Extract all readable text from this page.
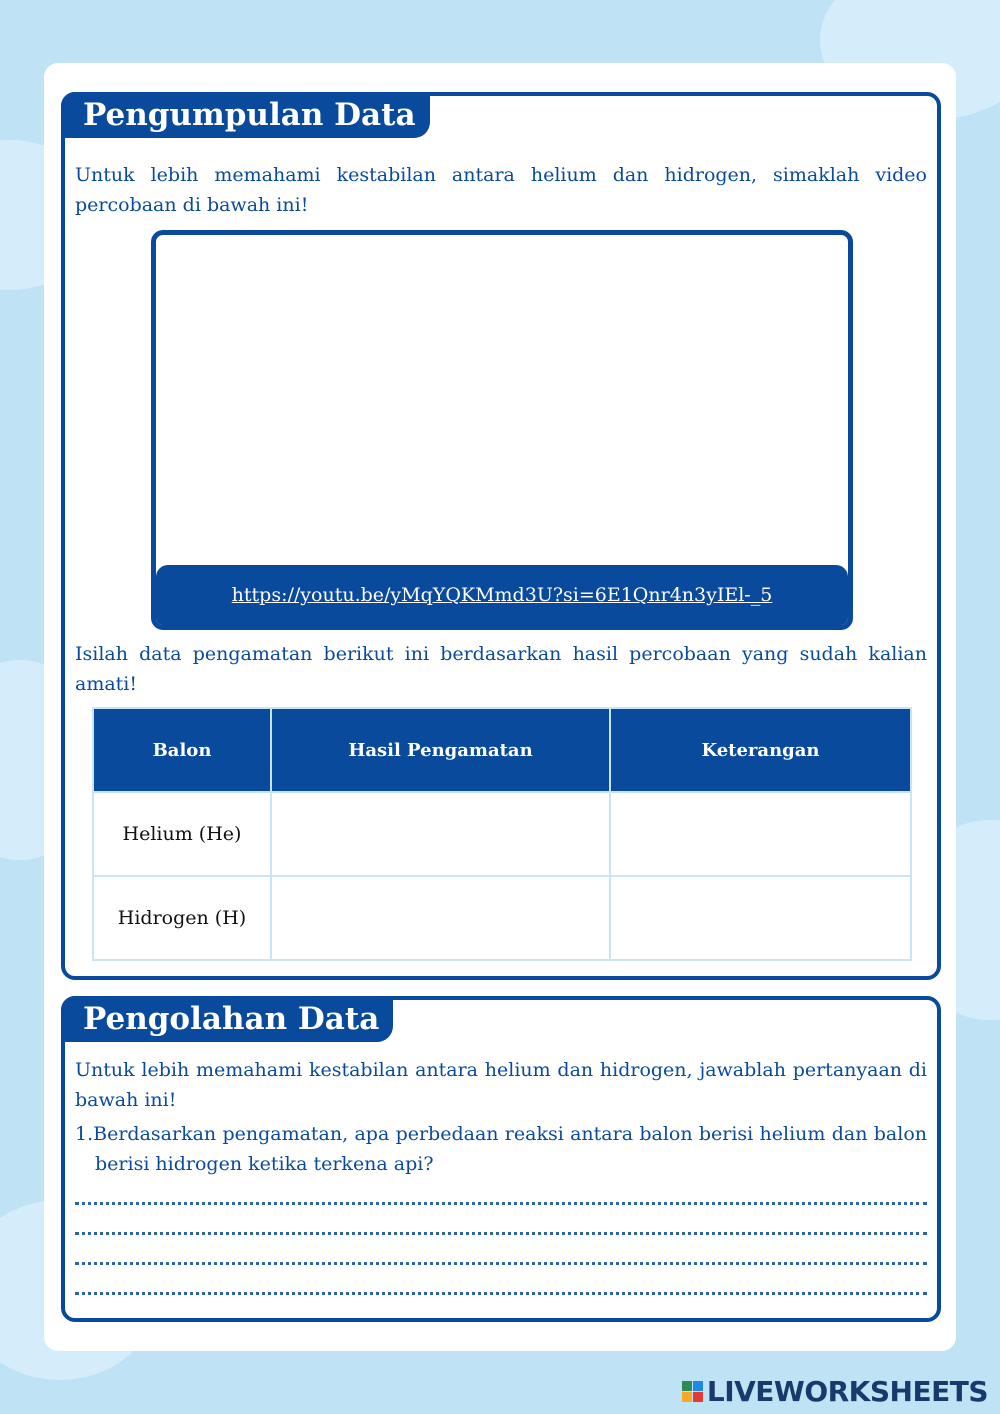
Pengumpulan Data

Untuk lebih memahami kestabilan antara helium dan hidrogen, simaklah video percobaan di bawah ini!

https://youtu.be/yMqYQKMmd3U?si=6E1Qnr4n3yIEl-_5

Isilah data pengamatan berikut ini berdasarkan hasil percobaan yang sudah kalian amati!

Balon	Hasil Pengamatan	Keterangan
Helium (He)		
Hidrogen (H)		
Pengolahan Data

Untuk lebih memahami kestabilan antara helium dan hidrogen, jawablah pertanyaan di bawah ini!

1.Berdasarkan pengamatan, apa perbedaan reaksi antara balon berisi helium dan balon berisi hidrogen ketika terkena api?

LIVEWORKSHEETS
